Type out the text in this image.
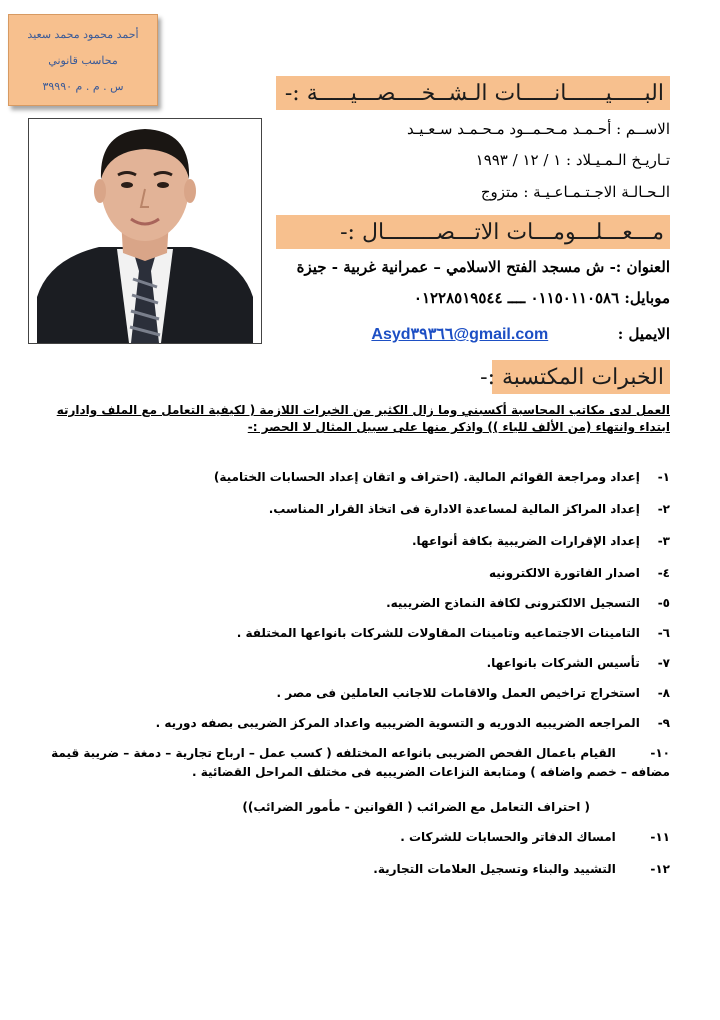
أحمد محمود محمد سعيد
محاسب قانوني
س . م . م ٣٩٩٩٠	البـــــيــــــانـــــات الـشــخــــصـــيـــــة :-
الاســم : أحـمـد مـحـمــود مـحـمـد سـعـيـد
تـاريـخ الـمـيـلاد : ١ / ١٢ / ١٩٩٣
الـحـالـة الاجـتـمـاعـيـة : متزوج
مـــعـــلـــومـــات الاتـــصــــــــال :-
العنوان :- ش مسجد الفتح الاسلامي – عمرانية غربية - جيزة
موبايل: ٠١١٥٠١١٠٥٨٦ ــــ ٠١٢٢٨٥١٩٥٤٤
الايميل :  Asyd٣٩٣٦٦@gmail.com
الخبرات المكتسبة :-
العمل لدى مكاتب المحاسبة أكسبني وما زال الكثير من الخبرات اللازمة ( لكيفية التعامل مع الملف وادارته ابتداء وانتهاء (من الألف للياء )) واذكر منها على سبيل المثال لا الحصر :-
١- إعداد ومراجعة القوائم المالية. (احتراف و اتقان إعداد الحسابات الختامية)
٢- إعداد المراكز المالية لمساعدة الادارة فى اتخاذ القرار المناسب.
٣- إعداد الإقرارات الضريبية بكافة أنواعها.
٤- اصدار الفاتورة الالكترونيه
٥- التسجيل الالكترونى لكافة النماذج الضريبيه.
٦- التامينات الاجتماعيه وتامينات المقاولات للشركات بانواعها المختلفة .
٧- تأسيس الشركات بانواعها.
٨- استخراج تراخيص العمل والاقامات للاجانب العاملين فى مصر .
٩- المراجعه الضريبيه الدوريه و التسوية الضريبيه واعداد المركز الضريبى بصفه دوريه .
١٠- القيام باعمال الفحص الضريبى بانواعه المختلفه ( كسب عمل – ارباح تجارية – دمغة – ضريبة قيمة مضافه – خصم واضافه ) ومتابعة النزاعات الضريبيه فى مختلف المراحل القضائية .
( احتراف التعامل مع الضرائب ( القوانين - مأمور الضرائب))
١١- امساك الدفاتر والحسابات للشركات .
١٢- التشييد والبناء وتسجيل العلامات التجارية.
